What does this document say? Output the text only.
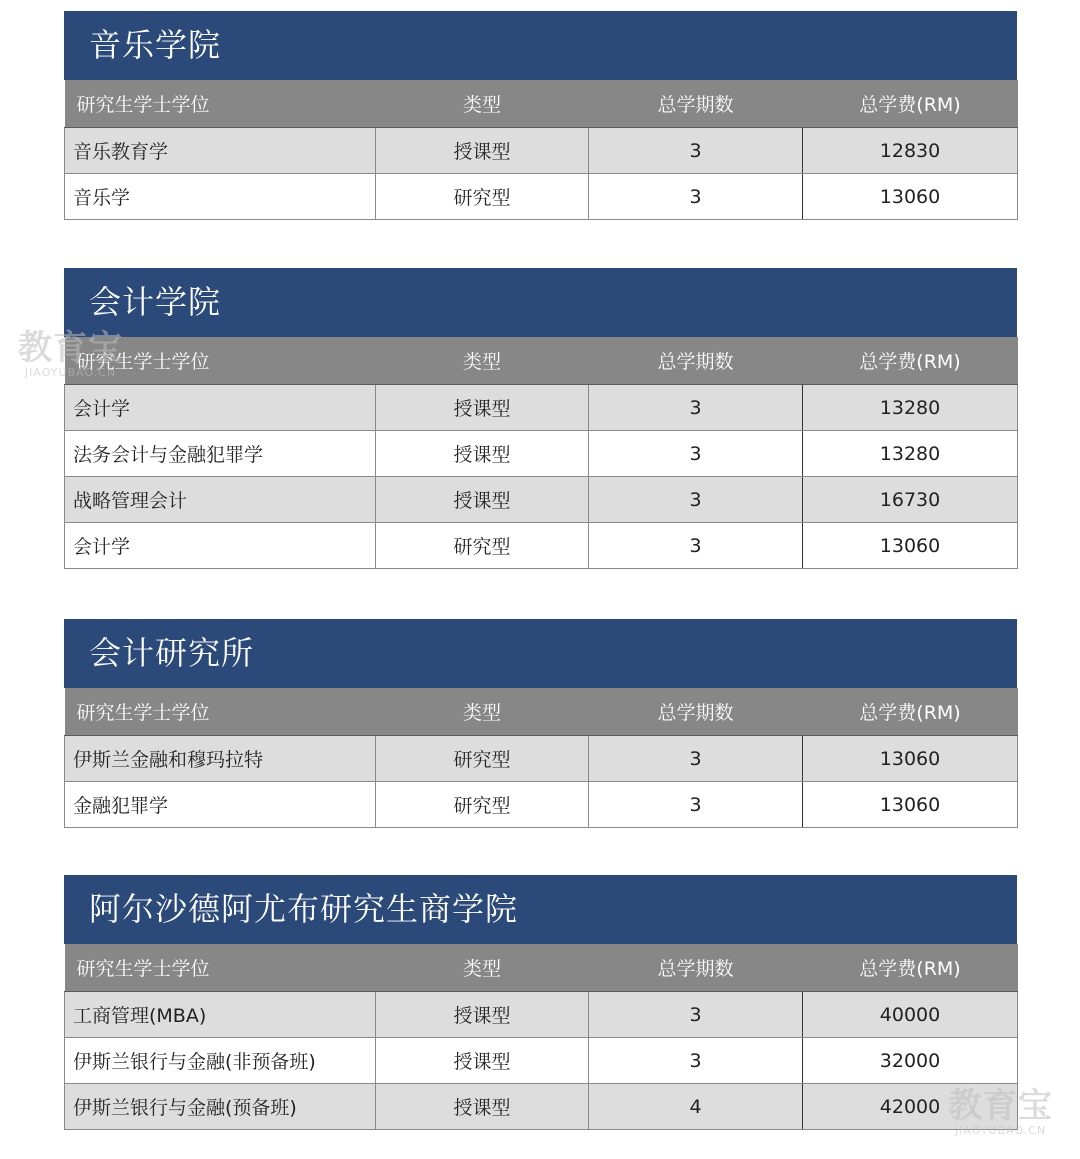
音乐学院
研究生学士学位	类型	总学期数	总学费(RM)
音乐教育学	授课型	3	12830
音乐学	研究型	3	13060
会计学院
研究生学士学位	类型	总学期数	总学费(RM)
会计学	授课型	3	13280
法务会计与金融犯罪学	授课型	3	13280
战略管理会计	授课型	3	16730
会计学	研究型	3	13060
会计研究所
研究生学士学位	类型	总学期数	总学费(RM)
伊斯兰金融和穆玛拉特	研究型	3	13060
金融犯罪学	研究型	3	13060
阿尔沙德阿尤布研究生商学院
研究生学士学位	类型	总学期数	总学费(RM)
工商管理(MBA)	授课型	3	40000
伊斯兰银行与金融(非预备班)	授课型	3	32000
伊斯兰银行与金融(预备班)	授课型	4	42000
教育宝
JIAOYUBAO.CN
教育宝
JIAOYUBAO.CN
